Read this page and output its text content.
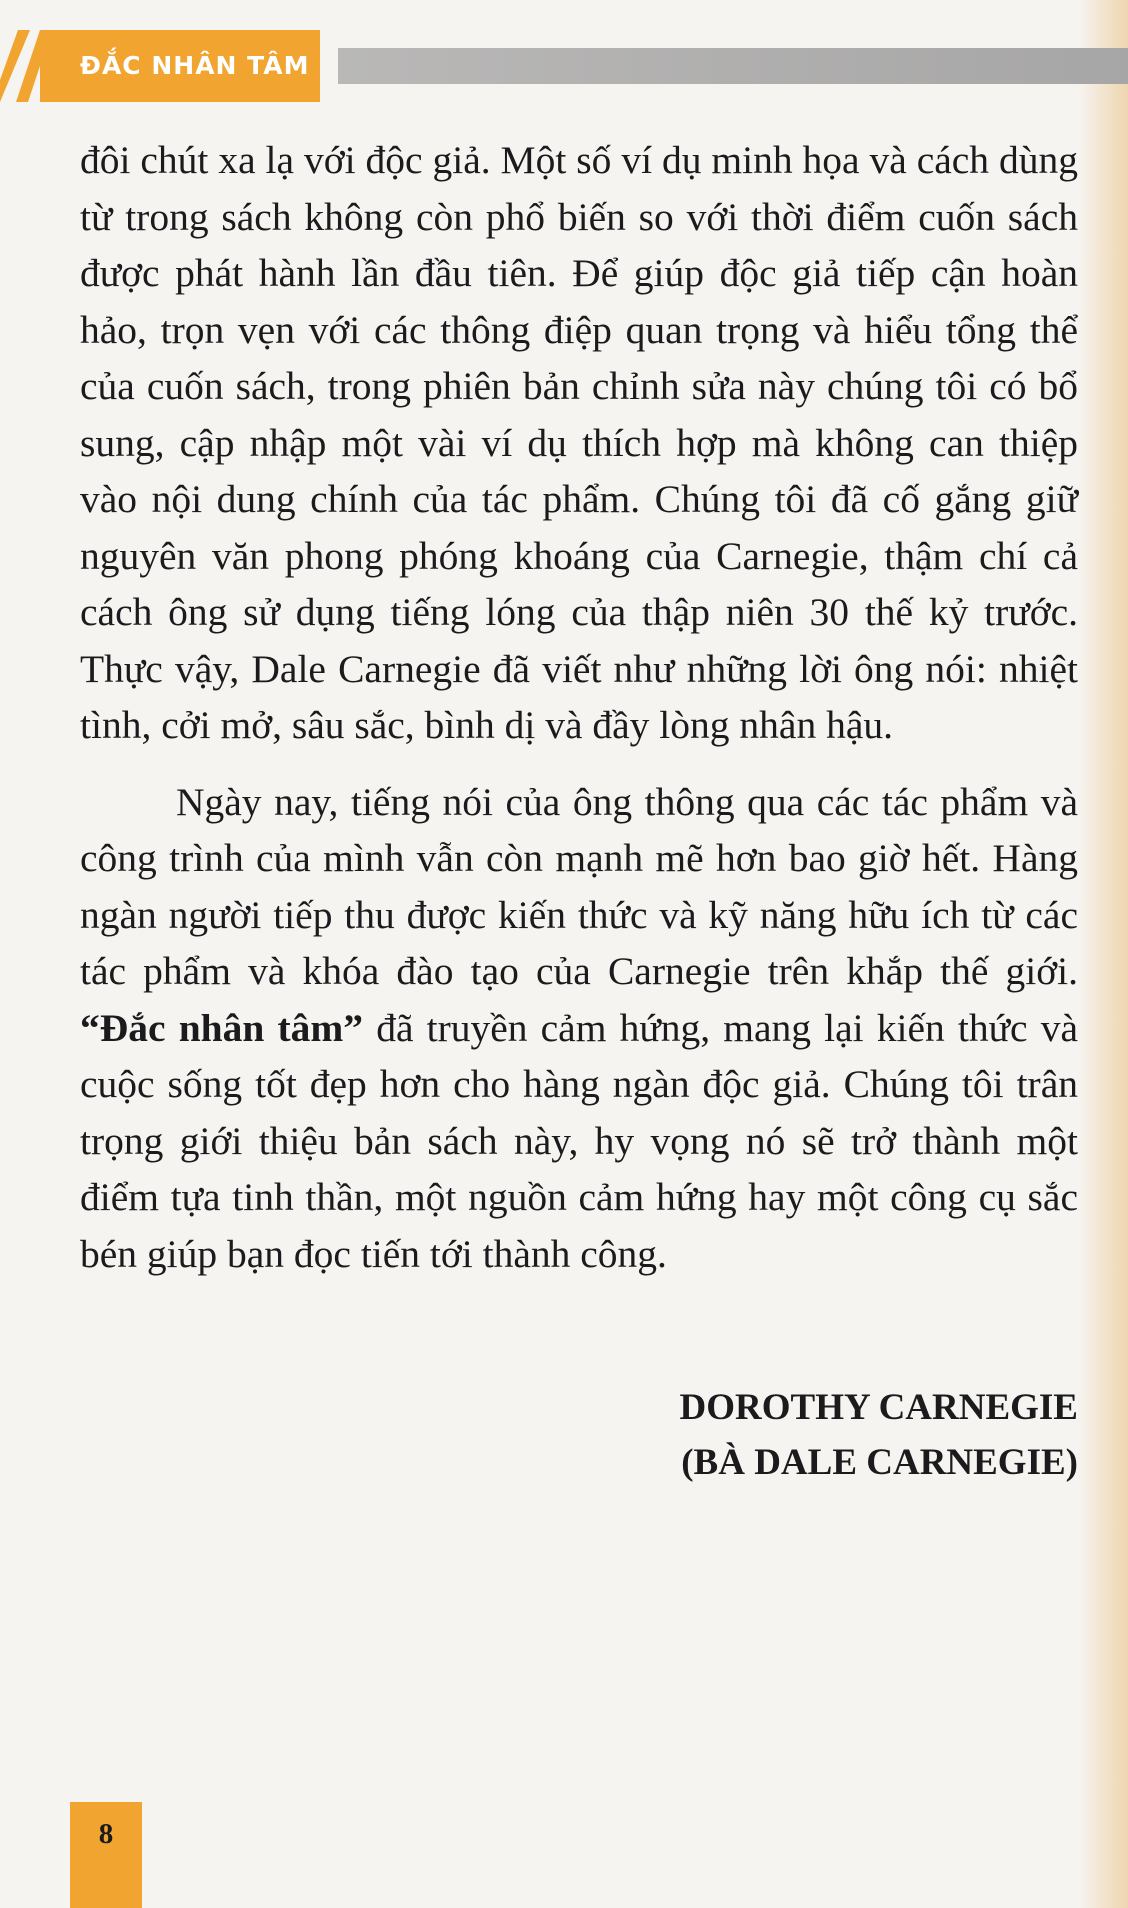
ĐẮC NHÂN TÂM

đôi chút xa lạ với độc giả. Một số ví dụ minh họa và cách dùng từ trong sách không còn phổ biến so với thời điểm cuốn sách được phát hành lần đầu tiên. Để giúp độc giả tiếp cận hoàn hảo, trọn vẹn với các thông điệp quan trọng và hiểu tổng thể của cuốn sách, trong phiên bản chỉnh sửa này chúng tôi có bổ sung, cập nhập một vài ví dụ thích hợp mà không can thiệp vào nội dung chính của tác phẩm. Chúng tôi đã cố gắng giữ nguyên văn phong phóng khoáng của Carnegie, thậm chí cả cách ông sử dụng tiếng lóng của thập niên 30 thế kỷ trước. Thực vậy, Dale Carnegie đã viết như những lời ông nói: nhiệt tình, cởi mở, sâu sắc, bình dị và đầy lòng nhân hậu.

Ngày nay, tiếng nói của ông thông qua các tác phẩm và công trình của mình vẫn còn mạnh mẽ hơn bao giờ hết. Hàng ngàn người tiếp thu được kiến thức và kỹ năng hữu ích từ các tác phẩm và khóa đào tạo của Carnegie trên khắp thế giới. “Đắc nhân tâm” đã truyền cảm hứng, mang lại kiến thức và cuộc sống tốt đẹp hơn cho hàng ngàn độc giả. Chúng tôi trân trọng giới thiệu bản sách này, hy vọng nó sẽ trở thành một điểm tựa tinh thần, một nguồn cảm hứng hay một công cụ sắc bén giúp bạn đọc tiến tới thành công.

DOROTHY CARNEGIE
(BÀ DALE CARNEGIE)
8
